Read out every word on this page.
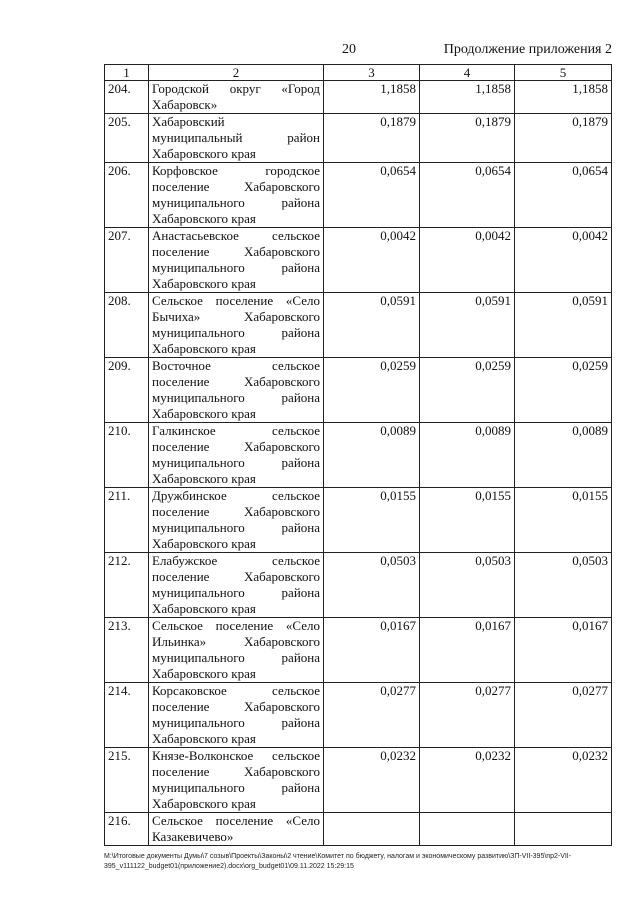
20	Продолжение приложения 2
1	2	3	4	5
204.	Городской округ «Город
Хабаровск»	1,1858	1,1858	1,1858
205.	Хабаровский
муниципальный район
Хабаровского края	0,1879	0,1879	0,1879
206.	Корфовское городское
поселение Хабаровского
муниципального района
Хабаровского края	0,0654	0,0654	0,0654
207.	Анастасьевское сельское
поселение Хабаровского
муниципального района
Хабаровского края	0,0042	0,0042	0,0042
208.	Сельское поселение «Село
Бычиха» Хабаровского
муниципального района
Хабаровского края	0,0591	0,0591	0,0591
209.	Восточное сельское
поселение Хабаровского
муниципального района
Хабаровского края	0,0259	0,0259	0,0259
210.	Галкинское сельское
поселение Хабаровского
муниципального района
Хабаровского края	0,0089	0,0089	0,0089
211.	Дружбинское сельское
поселение Хабаровского
муниципального района
Хабаровского края	0,0155	0,0155	0,0155
212.	Елабужское сельское
поселение Хабаровского
муниципального района
Хабаровского края	0,0503	0,0503	0,0503
213.	Сельское поселение «Село
Ильинка» Хабаровского
муниципального района
Хабаровского края	0,0167	0,0167	0,0167
214.	Корсаковское сельское
поселение Хабаровского
муниципального района
Хабаровского края	0,0277	0,0277	0,0277
215.	Князе-Волконское сельское
поселение Хабаровского
муниципального района
Хабаровского края	0,0232	0,0232	0,0232
216.	Сельское поселение «Село
Казакевичево»			

M:\Итоговые документы Думы\7 созыв\Проекты\Законы\2 чтение\Комитет по бюджету, налогам и экономическому развитию\ЗП-VII-395\пр2-VII-395_v111122_budget01(приложение2).docx\org_budget01\09.11.2022 15:29:15
